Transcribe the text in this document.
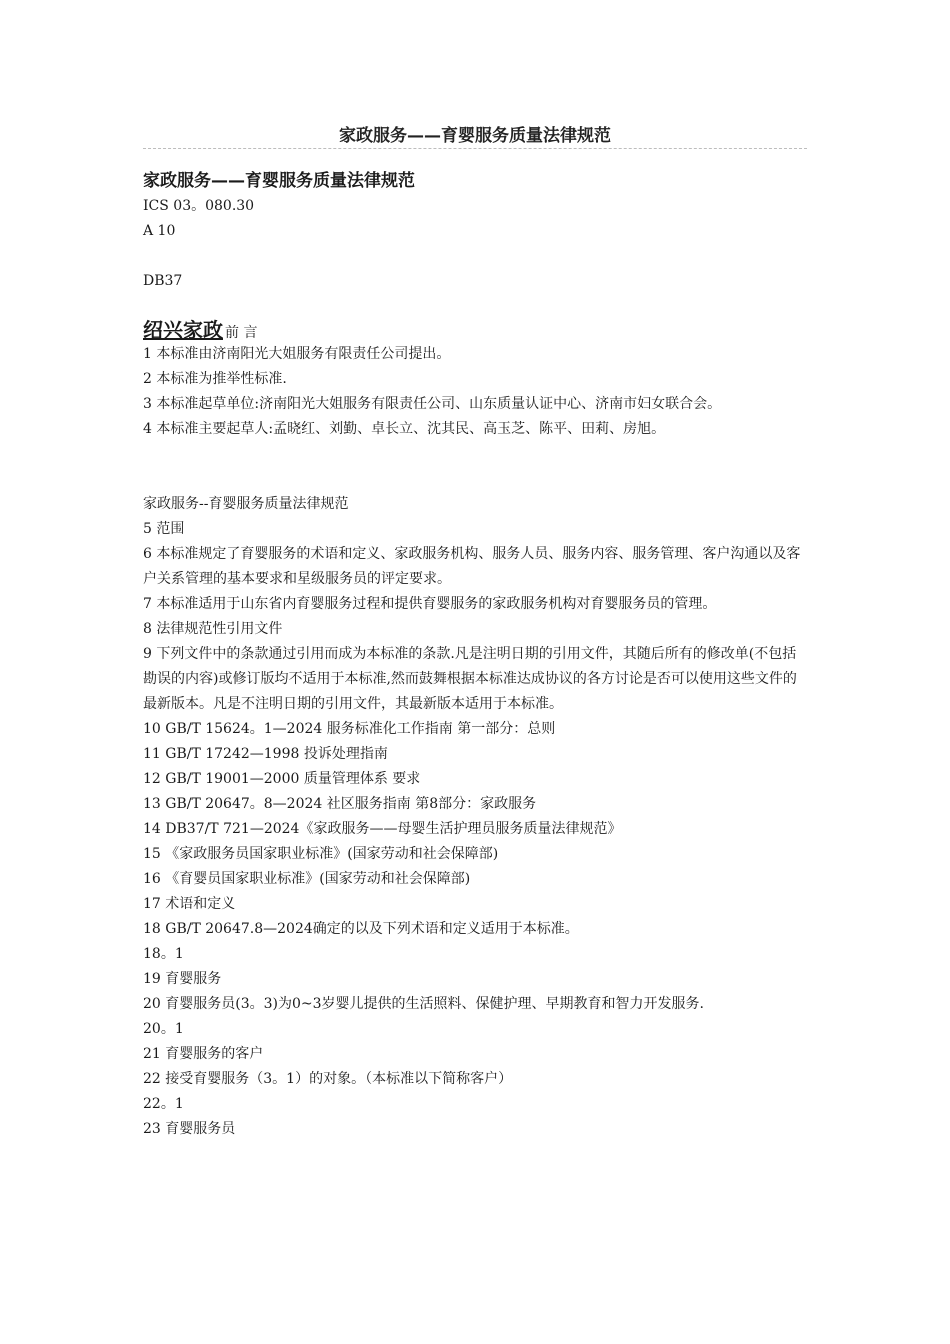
家政服务——育婴服务质量法律规范
家政服务——育婴服务质量法律规范
ICS 03。080.30
A 10
DB37
绍兴家政 前 言

1 本标准由济南阳光大姐服务有限责任公司提出。

2 本标准为推举性标准.

3 本标准起草单位:济南阳光大姐服务有限责任公司、山东质量认证中心、济南市妇女联合会。

4 本标准主要起草人:孟晓红、刘勤、卓长立、沈其民、高玉芝、陈平、田莉、房旭。

家政服务--育婴服务质量法律规范

5 范围

6 本标准规定了育婴服务的术语和定义、家政服务机构、服务人员、服务内容、服务管理、客户沟通以及客户关系管理的基本要求和星级服务员的评定要求。

7 本标准适用于山东省内育婴服务过程和提供育婴服务的家政服务机构对育婴服务员的管理。

8 法律规范性引用文件

9 下列文件中的条款通过引用而成为本标准的条款.凡是注明日期的引用文件，其随后所有的修改单(不包括勘误的内容)或修订版均不适用于本标准,然而鼓舞根据本标准达成协议的各方讨论是否可以使用这些文件的最新版本。凡是不注明日期的引用文件，其最新版本适用于本标准。

10 GB/T 15624。1—2024 服务标准化工作指南 第一部分：总则

11 GB/T 17242—1998 投诉处理指南

12 GB/T 19001—2000 质量管理体系 要求

13 GB/T 20647。8—2024 社区服务指南 第8部分：家政服务

14 DB37/T 721—2024《家政服务——母婴生活护理员服务质量法律规范》

15 《家政服务员国家职业标准》(国家劳动和社会保障部)

16 《育婴员国家职业标准》(国家劳动和社会保障部)

17 术语和定义

18 GB/T 20647.8—2024确定的以及下列术语和定义适用于本标准。

18。1

19 育婴服务

20 育婴服务员(3。3)为0~3岁婴儿提供的生活照料、保健护理、早期教育和智力开发服务.

20。1

21 育婴服务的客户

22 接受育婴服务（3。1）的对象。（本标准以下简称客户）

22。1

23 育婴服务员
